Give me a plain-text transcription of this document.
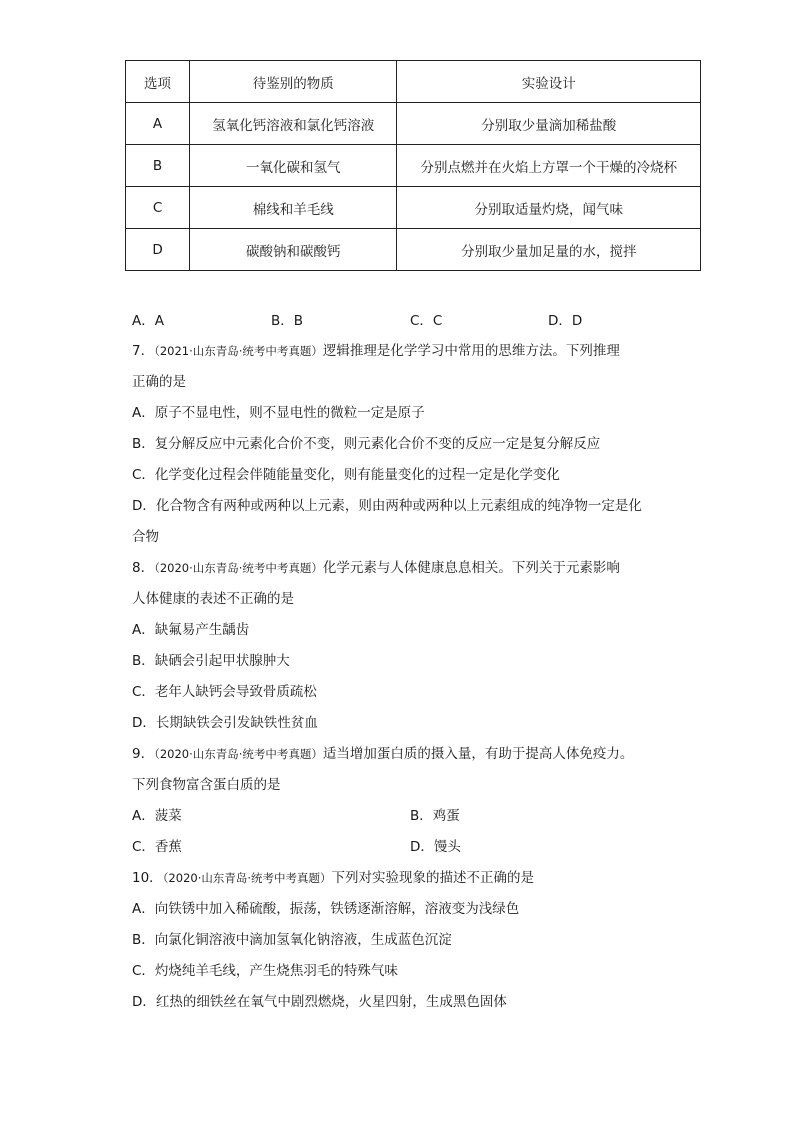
选项	待鉴别的物质	实验设计
A	氢氧化钙溶液和氯化钙溶液	分别取少量滴加稀盐酸
B	一氧化碳和氢气	分别点燃并在火焰上方罩一个干燥的冷烧杯
C	棉线和羊毛线	分别取适量灼烧，闻气味
D	碳酸钠和碳酸钙	分别取少量加足量的水，搅拌
A．A	B．B	C．C	D．D
7．（2021·山东青岛·统考中考真题）逻辑推理是化学学习中常用的思维方法。下列推理
正确的是
A．原子不显电性，则不显电性的微粒一定是原子
B．复分解反应中元素化合价不变，则元素化合价不变的反应一定是复分解反应
C．化学变化过程会伴随能量变化，则有能量变化的过程一定是化学变化
D．化合物含有两种或两种以上元素，则由两种或两种以上元素组成的纯净物一定是化
合物
8．（2020·山东青岛·统考中考真题）化学元素与人体健康息息相关。下列关于元素影响
人体健康的表述不正确的是
A．缺氟易产生龋齿
B．缺硒会引起甲状腺肿大
C．老年人缺钙会导致骨质疏松
D．长期缺铁会引发缺铁性贫血
9．（2020·山东青岛·统考中考真题）适当增加蛋白质的摄入量，有助于提高人体免疫力。
下列食物富含蛋白质的是
A．菠菜	B．鸡蛋
C．香蕉	D．馒头
10．（2020·山东青岛·统考中考真题）下列对实验现象的描述不正确的是
A．向铁锈中加入稀硫酸，振荡，铁锈逐渐溶解，溶液变为浅绿色
B．向氯化铜溶液中滴加氢氧化钠溶液，生成蓝色沉淀
C．灼烧纯羊毛线，产生烧焦羽毛的特殊气味
D．红热的细铁丝在氧气中剧烈燃烧，火星四射，生成黑色固体
